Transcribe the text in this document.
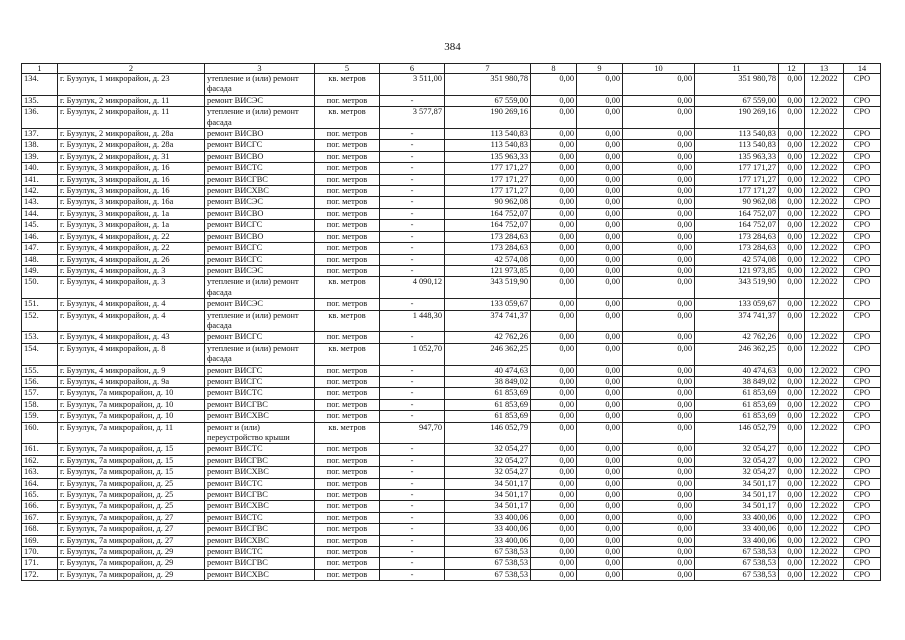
384
1	2	3	5	6	7	8	9	10	11	12	13	14
134.	г. Бузулук, 1 микрорайон, д. 23	утепление и (или) ремонт фасада	кв. метров	3 511,00	351 980,78	0,00	0,00	0,00	351 980,78	0,00	12.2022	СРО
135.	г. Бузулук, 2 микрорайон, д. 11	ремонт ВИСЭС	пог. метров	-	67 559,00	0,00	0,00	0,00	67 559,00	0,00	12.2022	СРО
136.	г. Бузулук, 2 микрорайон, д. 11	утепление и (или) ремонт фасада	кв. метров	3 577,87	190 269,16	0,00	0,00	0,00	190 269,16	0,00	12.2022	СРО
137.	г. Бузулук, 2 микрорайон, д. 28а	ремонт ВИСВО	пог. метров	-	113 540,83	0,00	0,00	0,00	113 540,83	0,00	12.2022	СРО
138.	г. Бузулук, 2 микрорайон, д. 28а	ремонт ВИСГС	пог. метров	-	113 540,83	0,00	0,00	0,00	113 540,83	0,00	12.2022	СРО
139.	г. Бузулук, 2 микрорайон, д. 31	ремонт ВИСВО	пог. метров	-	135 963,33	0,00	0,00	0,00	135 963,33	0,00	12.2022	СРО
140.	г. Бузулук, 3 микрорайон, д. 16	ремонт ВИСТС	пог. метров	-	177 171,27	0,00	0,00	0,00	177 171,27	0,00	12.2022	СРО
141.	г. Бузулук, 3 микрорайон, д. 16	ремонт ВИСГВС	пог. метров	-	177 171,27	0,00	0,00	0,00	177 171,27	0,00	12.2022	СРО
142.	г. Бузулук, 3 микрорайон, д. 16	ремонт ВИСХВС	пог. метров	-	177 171,27	0,00	0,00	0,00	177 171,27	0,00	12.2022	СРО
143.	г. Бузулук, 3 микрорайон, д. 16а	ремонт ВИСЭС	пог. метров	-	90 962,08	0,00	0,00	0,00	90 962,08	0,00	12.2022	СРО
144.	г. Бузулук, 3 микрорайон, д. 1а	ремонт ВИСВО	пог. метров	-	164 752,07	0,00	0,00	0,00	164 752,07	0,00	12.2022	СРО
145.	г. Бузулук, 3 микрорайон, д. 1а	ремонт ВИСГС	пог. метров	-	164 752,07	0,00	0,00	0,00	164 752,07	0,00	12.2022	СРО
146.	г. Бузулук, 4 микрорайон, д. 22	ремонт ВИСВО	пог. метров	-	173 284,63	0,00	0,00	0,00	173 284,63	0,00	12.2022	СРО
147.	г. Бузулук, 4 микрорайон, д. 22	ремонт ВИСГС	пог. метров	-	173 284,63	0,00	0,00	0,00	173 284,63	0,00	12.2022	СРО
148.	г. Бузулук, 4 микрорайон, д. 26	ремонт ВИСГС	пог. метров	-	42 574,08	0,00	0,00	0,00	42 574,08	0,00	12.2022	СРО
149.	г. Бузулук, 4 микрорайон, д. 3	ремонт ВИСЭС	пог. метров	-	121 973,85	0,00	0,00	0,00	121 973,85	0,00	12.2022	СРО
150.	г. Бузулук, 4 микрорайон, д. 3	утепление и (или) ремонт фасада	кв. метров	4 090,12	343 519,90	0,00	0,00	0,00	343 519,90	0,00	12.2022	СРО
151.	г. Бузулук, 4 микрорайон, д. 4	ремонт ВИСЭС	пог. метров	-	133 059,67	0,00	0,00	0,00	133 059,67	0,00	12.2022	СРО
152.	г. Бузулук, 4 микрорайон, д. 4	утепление и (или) ремонт фасада	кв. метров	1 448,30	374 741,37	0,00	0,00	0,00	374 741,37	0,00	12.2022	СРО
153.	г. Бузулук, 4 микрорайон, д. 43	ремонт ВИСГС	пог. метров	-	42 762,26	0,00	0,00	0,00	42 762,26	0,00	12.2022	СРО
154.	г. Бузулук, 4 микрорайон, д. 8	утепление и (или) ремонт фасада	кв. метров	1 052,70	246 362,25	0,00	0,00	0,00	246 362,25	0,00	12.2022	СРО
155.	г. Бузулук, 4 микрорайон, д. 9	ремонт ВИСГС	пог. метров	-	40 474,63	0,00	0,00	0,00	40 474,63	0,00	12.2022	СРО
156.	г. Бузулук, 4 микрорайон, д. 9а	ремонт ВИСГС	пог. метров	-	38 849,02	0,00	0,00	0,00	38 849,02	0,00	12.2022	СРО
157.	г. Бузулук, 7а микрорайон, д. 10	ремонт ВИСТС	пог. метров	-	61 853,69	0,00	0,00	0,00	61 853,69	0,00	12.2022	СРО
158.	г. Бузулук, 7а микрорайон, д. 10	ремонт ВИСГВС	пог. метров	-	61 853,69	0,00	0,00	0,00	61 853,69	0,00	12.2022	СРО
159.	г. Бузулук, 7а микрорайон, д. 10	ремонт ВИСХВС	пог. метров	-	61 853,69	0,00	0,00	0,00	61 853,69	0,00	12.2022	СРО
160.	г. Бузулук, 7а микрорайон, д. 11	ремонт и (или) переустройство крыши	кв. метров	947,70	146 052,79	0,00	0,00	0,00	146 052,79	0,00	12.2022	СРО
161.	г. Бузулук, 7а микрорайон, д. 15	ремонт ВИСТС	пог. метров	-	32 054,27	0,00	0,00	0,00	32 054,27	0,00	12.2022	СРО
162.	г. Бузулук, 7а микрорайон, д. 15	ремонт ВИСГВС	пог. метров	-	32 054,27	0,00	0,00	0,00	32 054,27	0,00	12.2022	СРО
163.	г. Бузулук, 7а микрорайон, д. 15	ремонт ВИСХВС	пог. метров	-	32 054,27	0,00	0,00	0,00	32 054,27	0,00	12.2022	СРО
164.	г. Бузулук, 7а микрорайон, д. 25	ремонт ВИСТС	пог. метров	-	34 501,17	0,00	0,00	0,00	34 501,17	0,00	12.2022	СРО
165.	г. Бузулук, 7а микрорайон, д. 25	ремонт ВИСГВС	пог. метров	-	34 501,17	0,00	0,00	0,00	34 501,17	0,00	12.2022	СРО
166.	г. Бузулук, 7а микрорайон, д. 25	ремонт ВИСХВС	пог. метров	-	34 501,17	0,00	0,00	0,00	34 501,17	0,00	12.2022	СРО
167.	г. Бузулук, 7а микрорайон, д. 27	ремонт ВИСТС	пог. метров	-	33 400,06	0,00	0,00	0,00	33 400,06	0,00	12.2022	СРО
168.	г. Бузулук, 7а микрорайон, д. 27	ремонт ВИСГВС	пог. метров	-	33 400,06	0,00	0,00	0,00	33 400,06	0,00	12.2022	СРО
169.	г. Бузулук, 7а микрорайон, д. 27	ремонт ВИСХВС	пог. метров	-	33 400,06	0,00	0,00	0,00	33 400,06	0,00	12.2022	СРО
170.	г. Бузулук, 7а микрорайон, д. 29	ремонт ВИСТС	пог. метров	-	67 538,53	0,00	0,00	0,00	67 538,53	0,00	12.2022	СРО
171.	г. Бузулук, 7а микрорайон, д. 29	ремонт ВИСГВС	пог. метров	-	67 538,53	0,00	0,00	0,00	67 538,53	0,00	12.2022	СРО
172.	г. Бузулук, 7а микрорайон, д. 29	ремонт ВИСХВС	пог. метров	-	67 538,53	0,00	0,00	0,00	67 538,53	0,00	12.2022	СРО
